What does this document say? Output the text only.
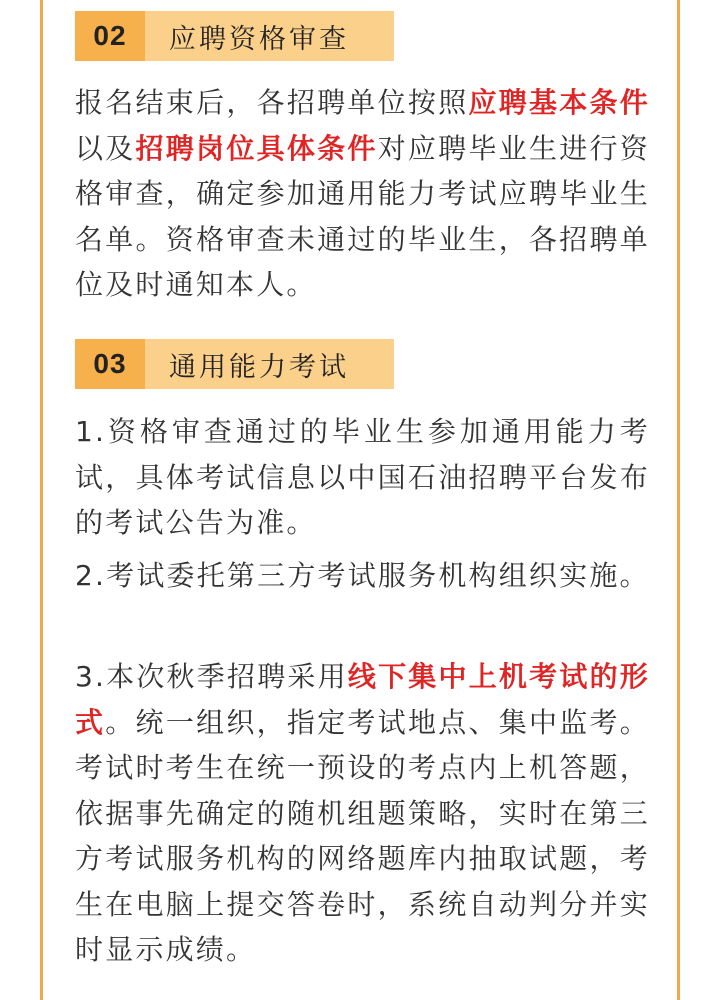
02	应聘资格审查

报名结束后，各招聘单位按照应聘基本条件以及招聘岗位具体条件对应聘毕业生进行资格审查，确定参加通用能力考试应聘毕业生名单。资格审查未通过的毕业生，各招聘单位及时通知本人。

03	通用能力考试

1.资格审查通过的毕业生参加通用能力考试，具体考试信息以中国石油招聘平台发布的考试公告为准。

2.考试委托第三方考试服务机构组织实施。

3.本次秋季招聘采用线下集中上机考试的形式。统一组织，指定考试地点、集中监考。考试时考生在统一预设的考点内上机答题，依据事先确定的随机组题策略，实时在第三方考试服务机构的网络题库内抽取试题，考生在电脑上提交答卷时，系统自动判分并实时显示成绩。
